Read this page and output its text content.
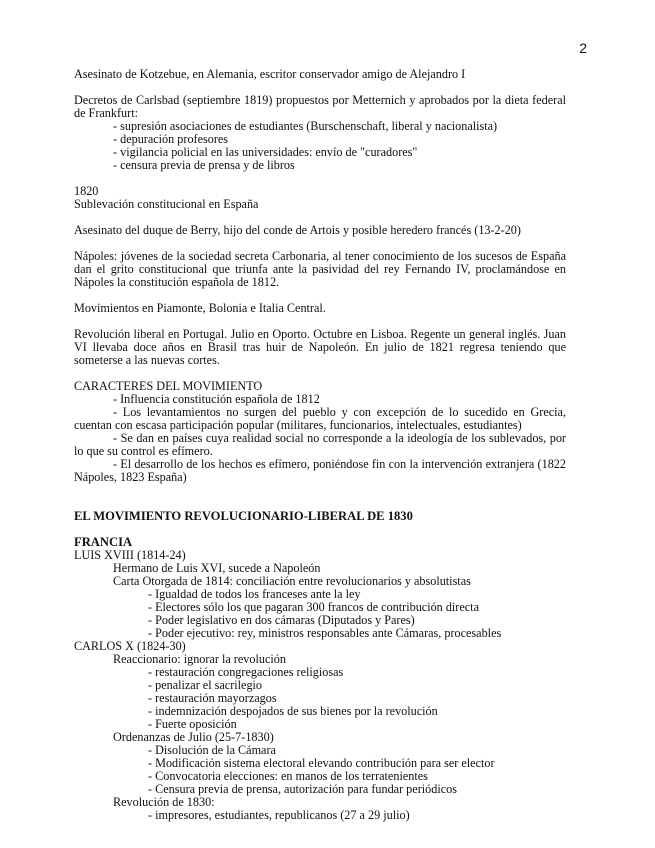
2
Asesinato de Kotzebue, en Alemania, escritor conservador amigo de Alejandro I
Decretos de Carlsbad (septiembre 1819) propuestos por Metternich y aprobados por la dieta federal de Frankfurt:
- supresión asociaciones de estudiantes (Burschenschaft, liberal y nacionalista)
- depuración profesores
- vigilancia policial en las universidades: envío de "curadores"
- censura previa de prensa y de libros
1820
Sublevación constitucional en España
Asesinato del duque de Berry, hijo del conde de Artois y posible heredero francés (13-2-20)
Nápoles: jóvenes de la sociedad secreta Carbonaria, al tener conocimiento de los sucesos de España dan el grito constitucional que triunfa ante la pasividad del rey Fernando IV, proclamándose en Nápoles la constitución española de 1812.
Movimientos en Piamonte, Bolonia e Italia Central.
Revolución liberal en Portugal. Julio en Oporto. Octubre en Lisboa. Regente un general inglés. Juan VI llevaba doce años en Brasil tras huir de Napoleón. En julio de 1821 regresa teniendo que someterse a las nuevas cortes.
CARACTERES DEL MOVIMIENTO
- Influencia constitución española de 1812
- Los levantamientos no surgen del pueblo y con excepción de lo sucedido en Grecia, cuentan con escasa participación popular (militares, funcionarios, intelectuales, estudiantes)
- Se dan en países cuya realidad social no corresponde a la ideología de los sublevados, por lo que su control es efímero.
- El desarrollo de los hechos es efímero, poniéndose fin con la intervención extranjera (1822 Nápoles, 1823 España)
EL MOVIMIENTO REVOLUCIONARIO-LIBERAL DE 1830
FRANCIA
LUIS XVIII (1814-24)
Hermano de Luis XVI, sucede a Napoleón
Carta Otorgada de 1814: conciliación entre revolucionarios y absolutistas
- Igualdad de todos los franceses ante la ley
- Electores sólo los que pagaran 300 francos de contribución directa
- Poder legislativo en dos cámaras (Diputados y Pares)
- Poder ejecutivo: rey, ministros responsables ante Cámaras, procesables
CARLOS X (1824-30)
Reaccionario: ignorar la revolución
- restauración congregaciones religiosas
- penalizar el sacrilegio
- restauración mayorzagos
- indemnización despojados de sus bienes por la revolución
- Fuerte oposición
Ordenanzas de Julio (25-7-1830)
- Disolución de la Cámara
- Modificación sistema electoral elevando contribución para ser elector
- Convocatoria elecciones: en manos de los terratenientes
- Censura previa de prensa, autorización para fundar periódicos
Revolución de 1830:
- impresores, estudiantes, republicanos (27 a 29 julio)
